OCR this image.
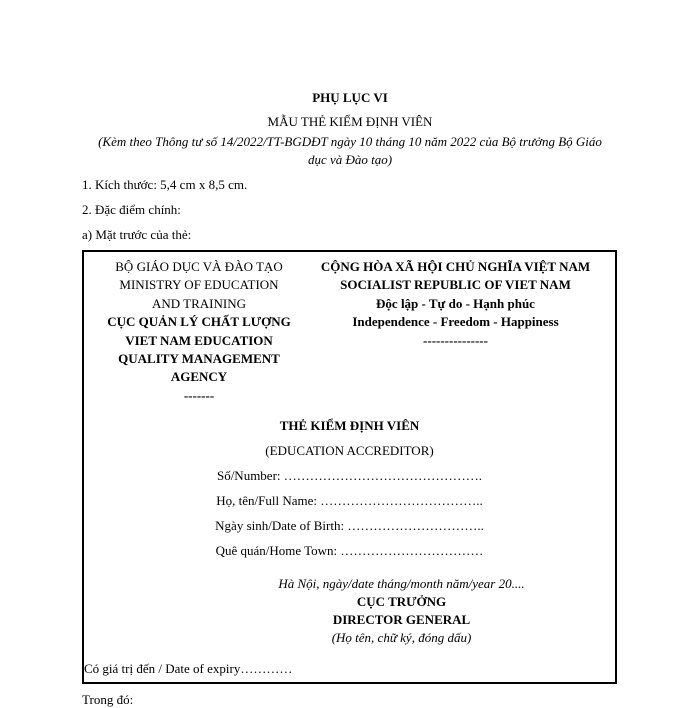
PHỤ LỤC VI
MẪU THẺ KIỂM ĐỊNH VIÊN
(Kèm theo Thông tư số 14/2022/TT-BGDĐT ngày 10 tháng 10 năm 2022 của Bộ trưởng Bộ Giáo
dục và Đào tạo)
1. Kích thước: 5,4 cm x 8,5 cm.
2. Đặc điểm chính:
a) Mặt trước của thẻ:
BỘ GIÁO DỤC VÀ ĐÀO TẠO
MINISTRY OF EDUCATION
AND TRAINING
CỤC QUẢN LÝ CHẤT LƯỢNG
VIET NAM EDUCATION
QUALITY MANAGEMENT
AGENCY
-------
CỘNG HÒA XÃ HỘI CHỦ NGHĨA VIỆT NAM
SOCIALIST REPUBLIC OF VIET NAM
Độc lập - Tự do - Hạnh phúc
Independence - Freedom - Happiness
---------------
THẺ KIỂM ĐỊNH VIÊN
(EDUCATION ACCREDITOR)
Số/Number: ……………………………………….
Họ, tên/Full Name: ………………………………..
Ngày sinh/Date of Birth: …………………………..
Quê quán/Home Town: ……………………………
Hà Nội, ngày/date tháng/month năm/year 20....
CỤC TRƯỞNG
DIRECTOR GENERAL
(Họ tên, chữ ký, đóng dấu)
Có giá trị đến / Date of expiry…………
Trong đó:
